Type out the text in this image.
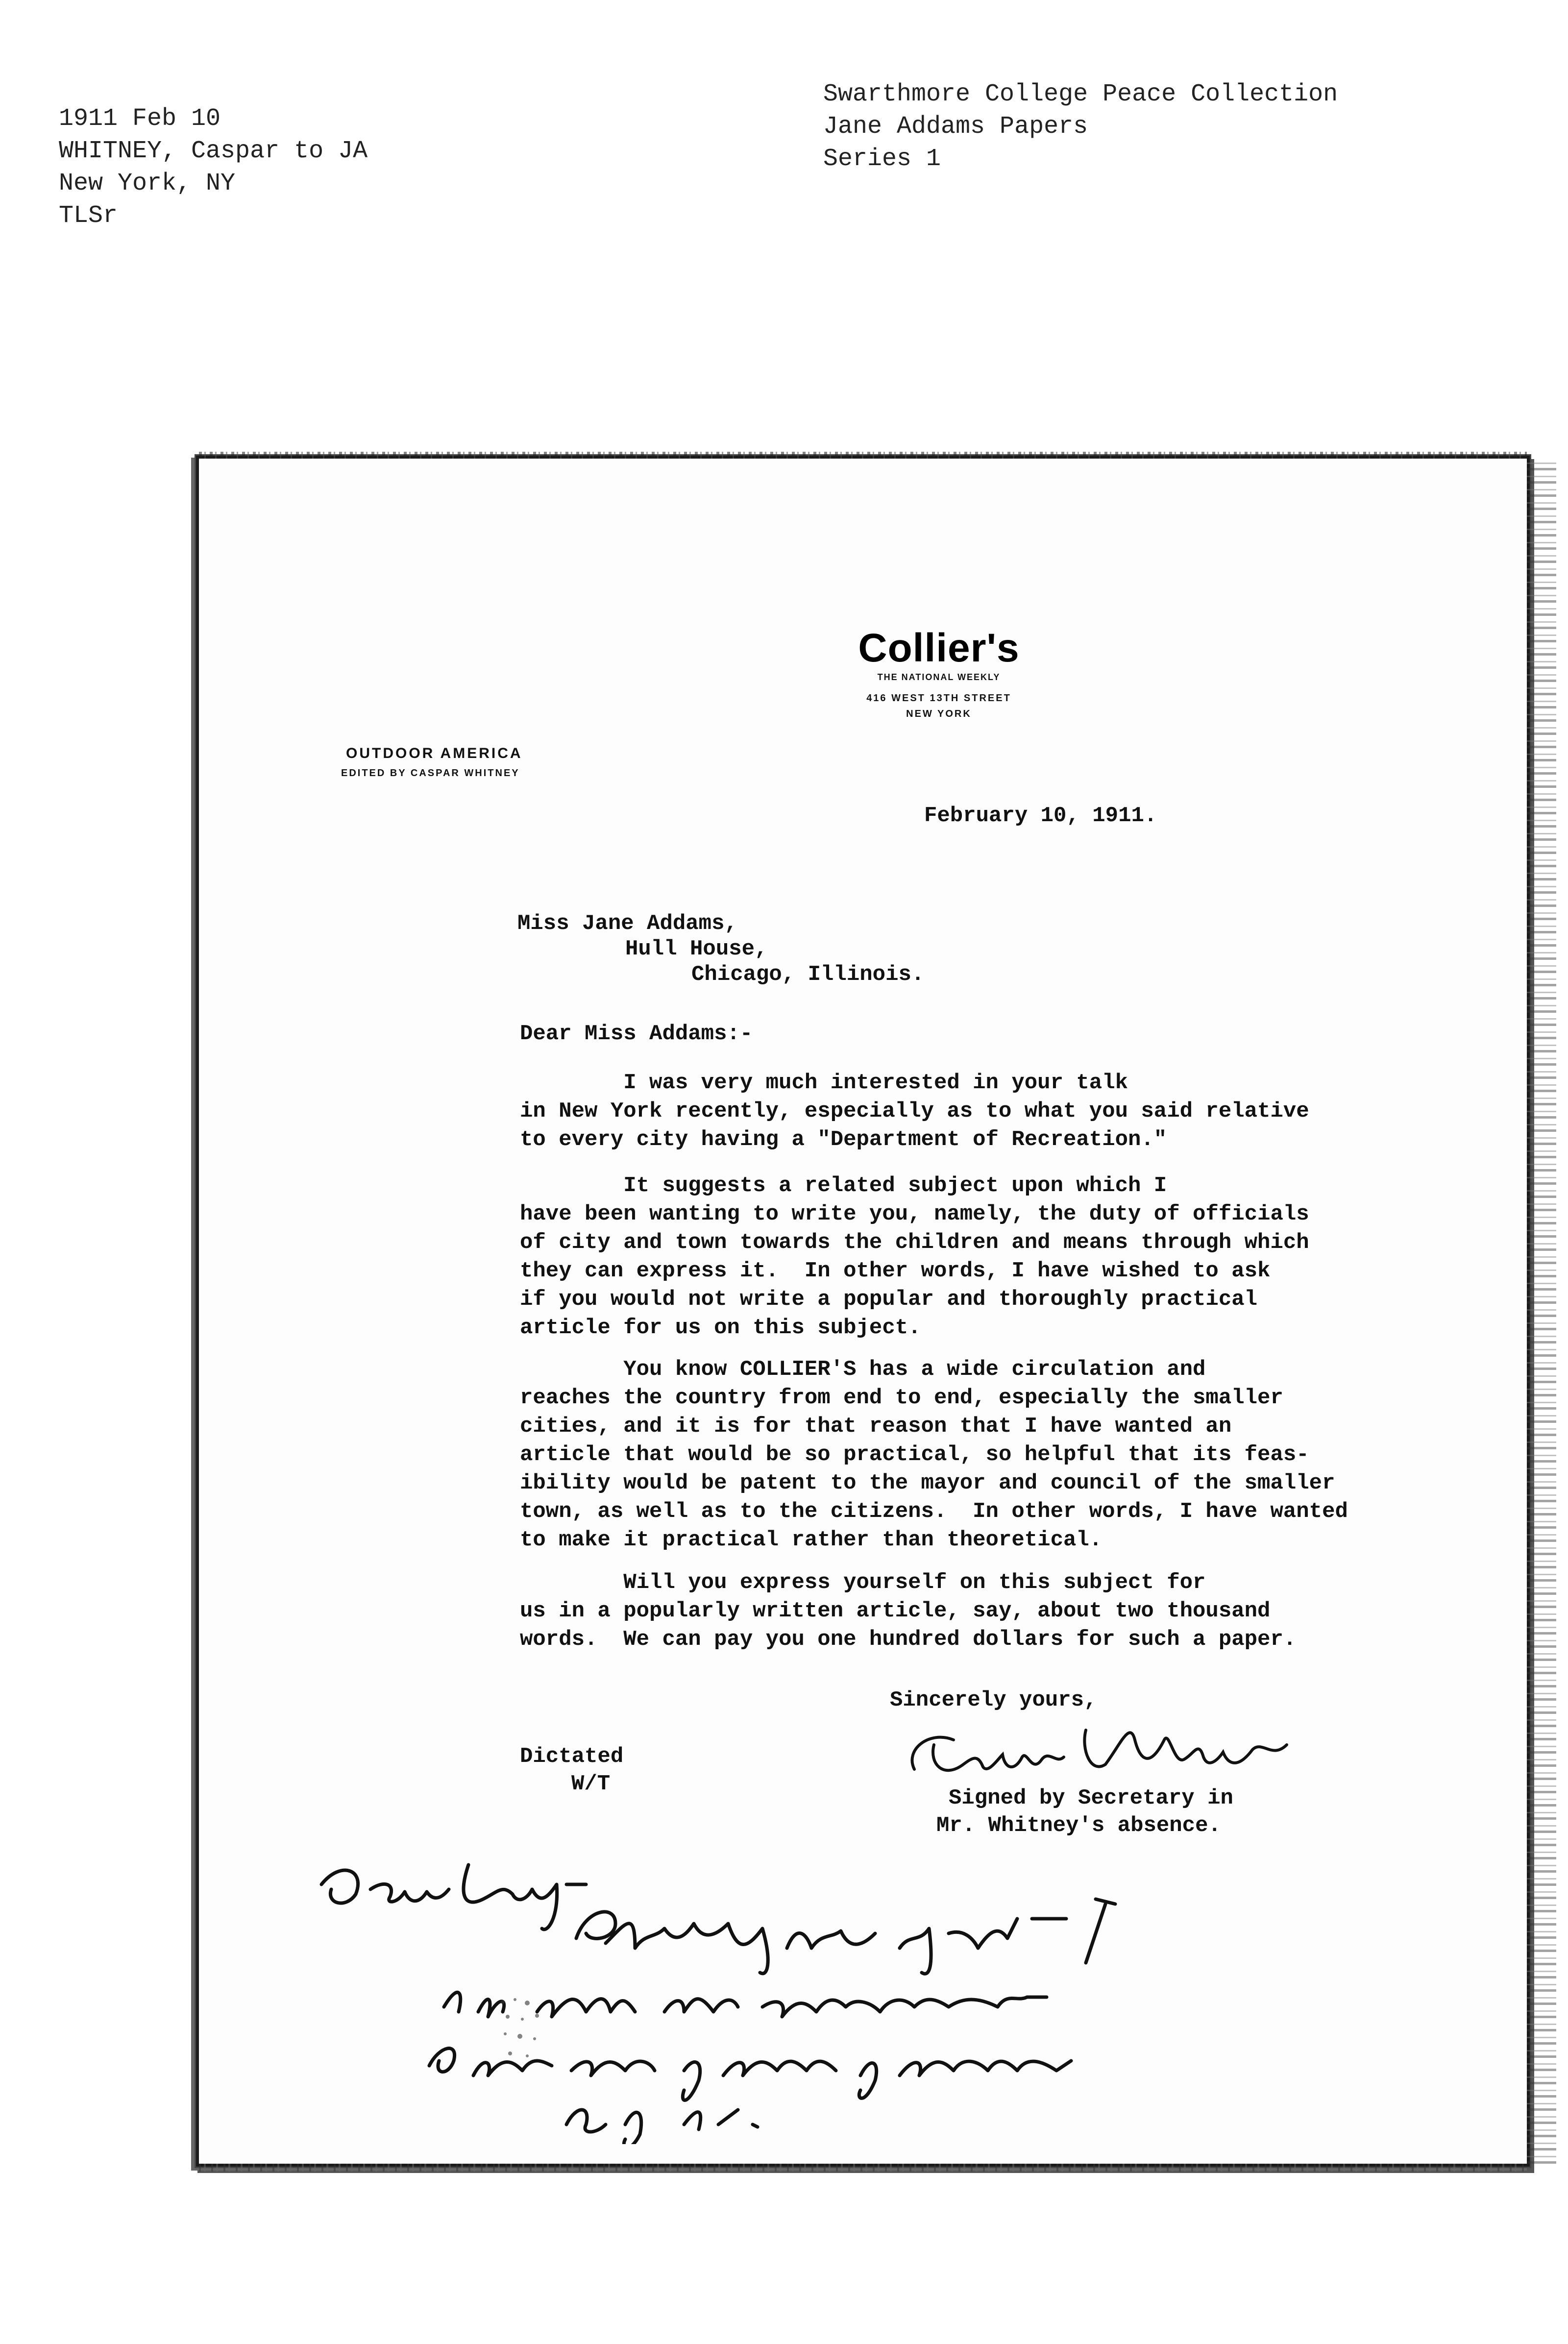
1911 Feb 10
WHITNEY, Caspar to JA
New York, NY
TLSr
Swarthmore College Peace Collection
Jane Addams Papers
Series 1
Collier's
THE NATIONAL WEEKLY
416 WEST 13TH STREET
NEW YORK
OUTDOOR AMERICA
EDITED BY CASPAR WHITNEY
February 10, 1911.
Miss Jane Addams,
Hull House,
Chicago, Illinois.
Dear Miss Addams:-
I was very much interested in your talk
in New York recently, especially as to what you said relative
to every city having a "Department of Recreation."
It suggests a related subject upon which I
have been wanting to write you, namely, the duty of officials
of city and town towards the children and means through which
they can express it.  In other words, I have wished to ask
if you would not write a popular and thoroughly practical
article for us on this subject.
You know COLLIER'S has a wide circulation and
reaches the country from end to end, especially the smaller
cities, and it is for that reason that I have wanted an
article that would be so practical, so helpful that its feas-
ibility would be patent to the mayor and council of the smaller
town, as well as to the citizens.  In other words, I have wanted
to make it practical rather than theoretical.
Will you express yourself on this subject for
us in a popularly written article, say, about two thousand
words.  We can pay you one hundred dollars for such a paper.
Sincerely yours,
Dictated
W/T
Signed by Secretary in
Mr. Whitney's absence.
